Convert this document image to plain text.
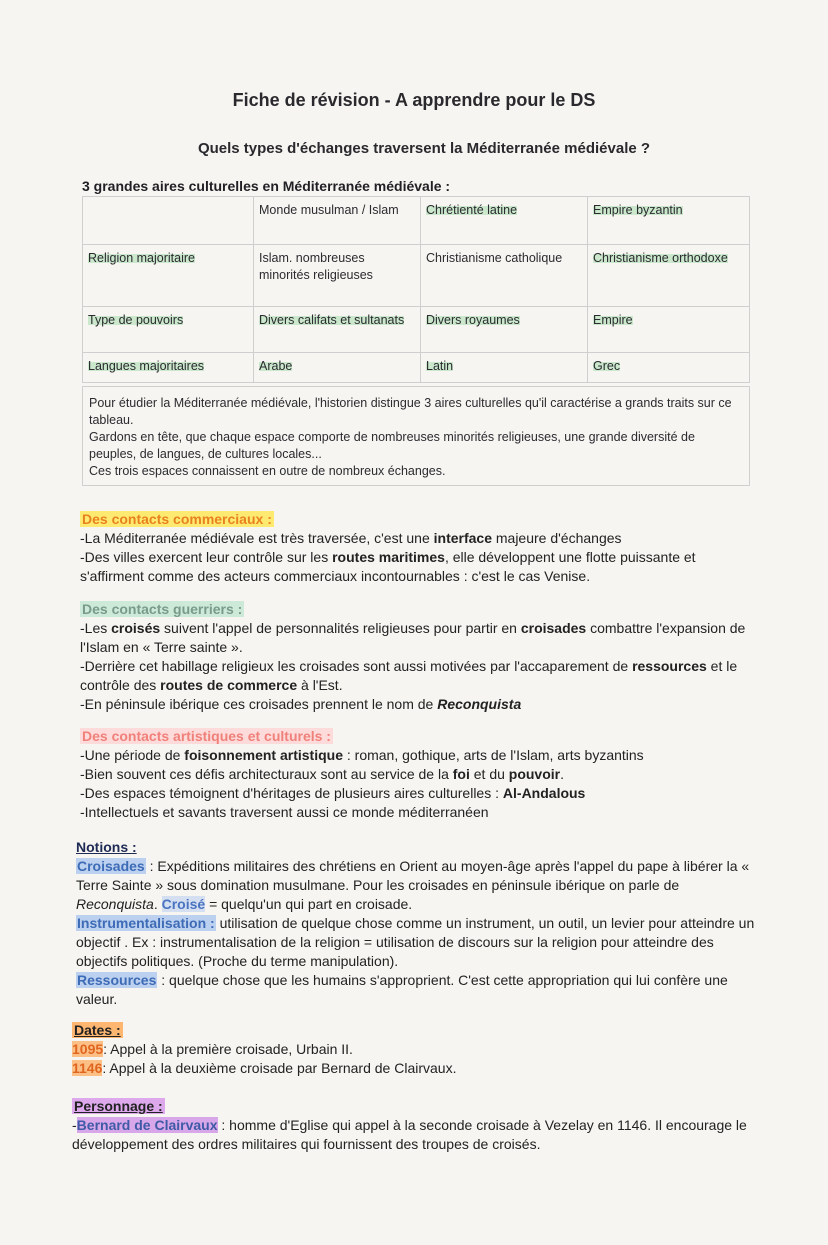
Fiche de révision - A apprendre pour le DS
Quels types d'échanges traversent la Méditerranée médiévale ?
3 grandes aires culturelles en Méditerranée médiévale :
	Monde musulman / Islam	Chrétienté latine	Empire byzantin
Religion majoritaire	Islam. nombreuses minorités religieuses	Christianisme catholique	Christianisme orthodoxe
Type de pouvoirs	Divers califats et sultanats	Divers royaumes	Empire
Langues majoritaires	Arabe	Latin	Grec

Pour étudier la Méditerranée médiévale, l'historien distingue 3 aires culturelles qu'il caractérise a grands traits sur ce tableau.

Gardons en tête, que chaque espace comporte de nombreuses minorités religieuses, une grande diversité de peuples, de langues, de cultures locales...

Ces trois espaces connaissent en outre de nombreux échanges.

Des contacts commerciaux :

-La Méditerranée médiévale est très traversée, c'est une interface majeure d'échanges

-Des villes exercent leur contrôle sur les routes maritimes, elle développent une flotte puissante et s'affirment comme des acteurs commerciaux incontournables : c'est le cas Venise.

Des contacts guerriers :

-Les croisés suivent l'appel de personnalités religieuses pour partir en croisades combattre l'expansion de l'Islam en « Terre sainte ».

-Derrière cet habillage religieux les croisades sont aussi motivées par l'accaparement de ressources et le contrôle des routes de commerce à l'Est.

-En péninsule ibérique ces croisades prennent le nom de Reconquista

Des contacts artistiques et culturels :

-Une période de foisonnement artistique : roman, gothique, arts de l'Islam, arts byzantins

-Bien souvent ces défis architecturaux sont au service de la foi et du pouvoir.

-Des espaces témoignent d'héritages de plusieurs aires culturelles : Al-Andalous

-Intellectuels et savants traversent aussi ce monde méditerranéen

Notions :

Croisades : Expéditions militaires des chrétiens en Orient au moyen-âge après l'appel du pape à libérer la « Terre Sainte » sous domination musulmane. Pour les croisades en péninsule ibérique on parle de Reconquista. Croisé = quelqu'un qui part en croisade.

Instrumentalisation : utilisation de quelque chose comme un instrument, un outil, un levier pour atteindre un objectif . Ex : instrumentalisation de la religion = utilisation de discours sur la religion pour atteindre des objectifs politiques. (Proche du terme manipulation).

Ressources : quelque chose que les humains s'approprient. C'est cette appropriation qui lui confère une valeur.

Dates :

1095: Appel à la première croisade, Urbain II.

1146: Appel à la deuxième croisade par Bernard de Clairvaux.

Personnage :

-Bernard de Clairvaux : homme d'Eglise qui appel à la seconde croisade à Vezelay en 1146. Il encourage le développement des ordres militaires qui fournissent des troupes de croisés.
